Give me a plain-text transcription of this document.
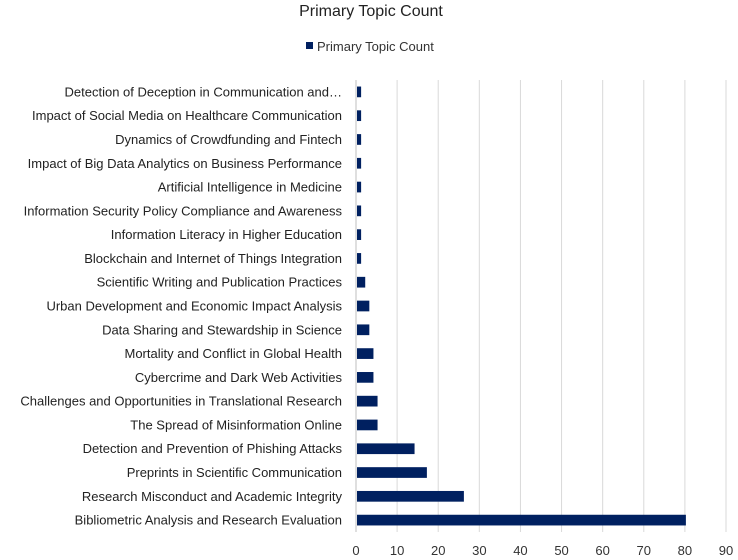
Primary Topic Count
Primary Topic Count
Detection of Deception in Communication and…
Impact of Social Media on Healthcare Communication
Dynamics of Crowdfunding and Fintech
Impact of Big Data Analytics on Business Performance
Artificial Intelligence in Medicine
Information Security Policy Compliance and Awareness
Information Literacy in Higher Education
Blockchain and Internet of Things Integration
Scientific Writing and Publication Practices
Urban Development and Economic Impact Analysis
Data Sharing and Stewardship in Science
Mortality and Conflict in Global Health
Cybercrime and Dark Web Activities
Challenges and Opportunities in Translational Research
The Spread of Misinformation Online
Detection and Prevention of Phishing Attacks
Preprints in Scientific Communication
Research Misconduct and Academic Integrity
Bibliometric Analysis and Research Evaluation
0 10 20 30 40 50 60 70 80 90
